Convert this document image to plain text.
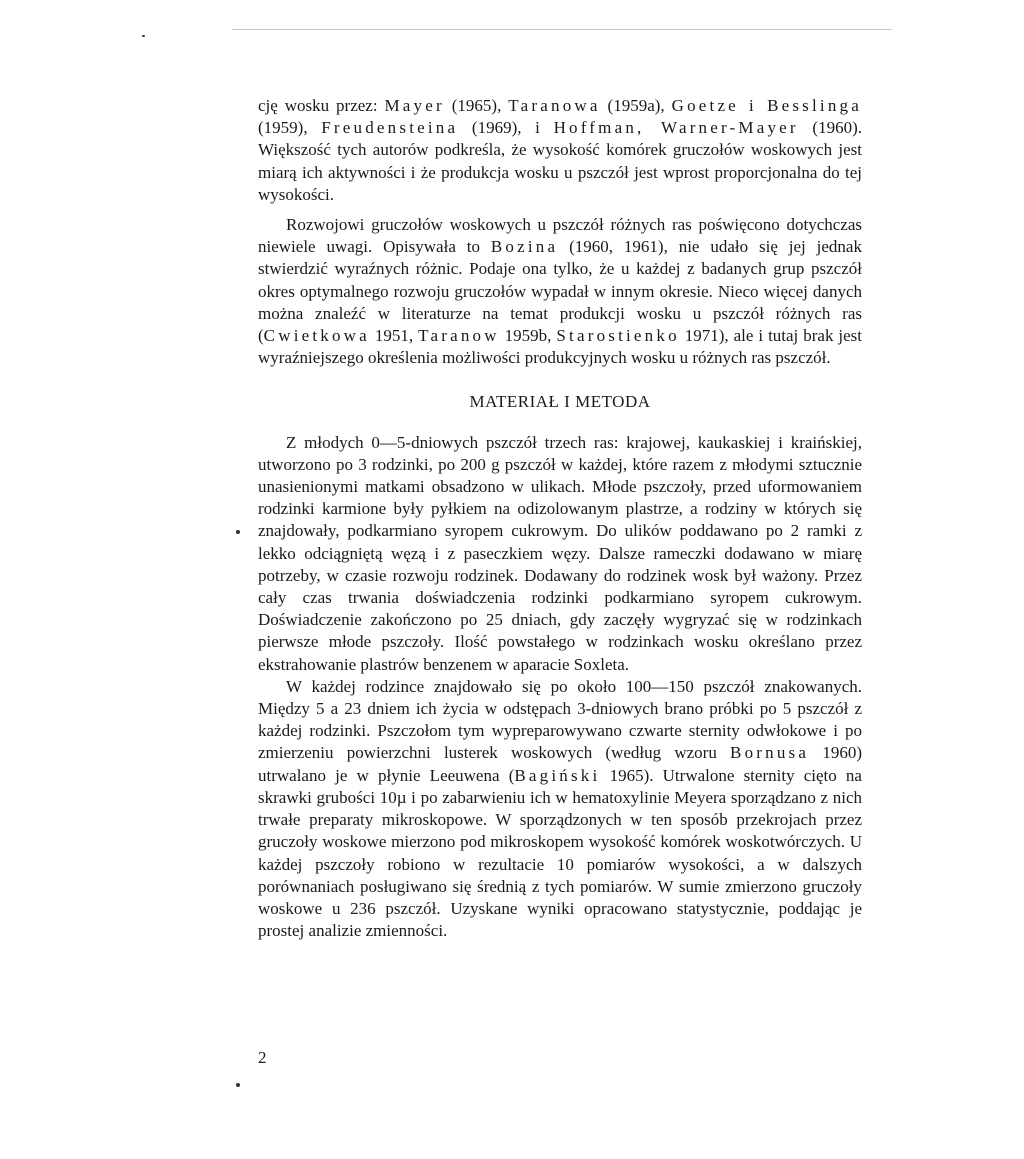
cję wosku przez: Mayer (1965), Taranowa (1959a), Goetze i Besslinga (1959), Freudensteina (1969), i Hoffman, Warner-Mayer (1960). Większość tych autorów podkreśla, że wysokość komórek gruczołów woskowych jest miarą ich aktywności i że produkcja wosku u pszczół jest wprost proporcjonalna do tej wysokości.

Rozwojowi gruczołów woskowych u pszczół różnych ras poświęcono dotychczas niewiele uwagi. Opisywała to Bozina (1960, 1961), nie udało się jej jednak stwierdzić wyraźnych różnic. Podaje ona tylko, że u każdej z badanych grup pszczół okres optymalnego rozwoju gruczołów wypadał w innym okresie. Nieco więcej danych można znaleźć w literaturze na temat produkcji wosku u pszczół różnych ras (Cwietkowa 1951, Taranow 1959b, Starostienko 1971), ale i tutaj brak jest wyraźniejszego określenia możliwości produkcyjnych wosku u różnych ras pszczół.

MATERIAŁ I METODA

Z młodych 0—5-dniowych pszczół trzech ras: krajowej, kaukaskiej i kraińskiej, utworzono po 3 rodzinki, po 200 g pszczół w każdej, które razem z młodymi sztucznie unasienionymi matkami obsadzono w ulikach. Młode pszczoły, przed uformowaniem rodzinki karmione były pyłkiem na odizolowanym plastrze, a rodziny w których się znajdowały, podkarmiano syropem cukrowym. Do ulików poddawano po 2 ramki z lekko odciągniętą węzą i z paseczkiem węzy. Dalsze rameczki dodawano w miarę potrzeby, w czasie rozwoju rodzinek. Dodawany do rodzinek wosk był ważony. Przez cały czas trwania doświadczenia rodzinki podkarmiano syropem cukrowym. Doświadczenie zakończono po 25 dniach, gdy zaczęły wygryzać się w rodzinkach pierwsze młode pszczoły. Ilość powstałego w rodzinkach wosku określano przez ekstrahowanie plastrów benzenem w aparacie Soxleta.

W każdej rodzince znajdowało się po około 100—150 pszczół znakowanych. Między 5 a 23 dniem ich życia w odstępach 3-dniowych brano próbki po 5 pszczół z każdej rodzinki. Pszczołom tym wypreparowywano czwarte sternity odwłokowe i po zmierzeniu powierzchni lusterek woskowych (według wzoru Bornusa 1960) utrwalano je w płynie Leeuwena (Bagiński 1965). Utrwalone sternity cięto na skrawki grubości 10µ i po zabarwieniu ich w hematoxylinie Meyera sporządzano z nich trwałe preparaty mikroskopowe. W sporządzonych w ten sposób przekrojach przez gruczoły woskowe mierzono pod mikroskopem wysokość komórek woskotwórczych. U każdej pszczoły robiono w rezultacie 10 pomiarów wysokości, a w dalszych porównaniach posługiwano się średnią z tych pomiarów. W sumie zmierzono gruczoły woskowe u 236 pszczół. Uzyskane wyniki opracowano statystycznie, poddając je prostej analizie zmienności.

2
